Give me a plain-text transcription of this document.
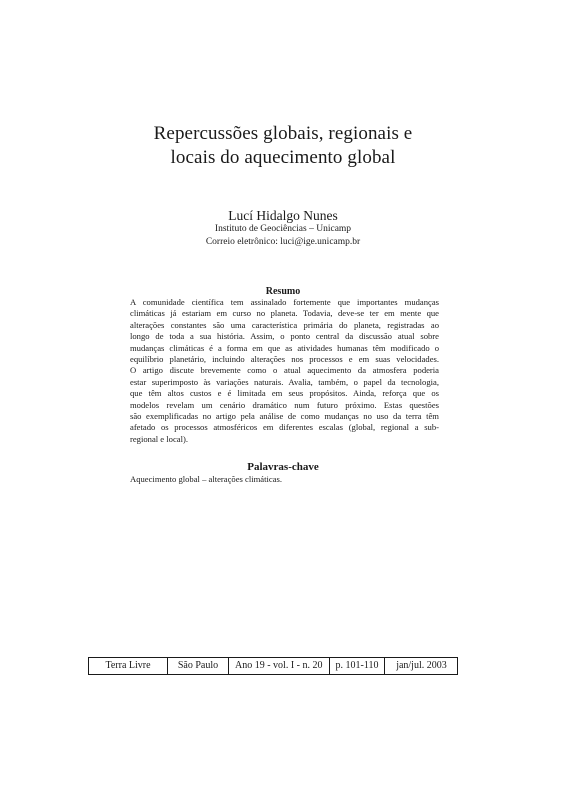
Repercussões globais, regionais e
locais do aquecimento global
Lucí Hidalgo Nunes
Instituto de Geociências – Unicamp
Correio eletrônico: luci@ige.unicamp.br
Resumo
A comunidade científica tem assinalado fortemente que importantes mudanças
climáticas já estariam em curso no planeta. Todavia, deve-se ter em mente que
alterações constantes são uma característica primária do planeta, registradas ao
longo de toda a sua história. Assim, o ponto central da discussão atual sobre
mudanças climáticas é a forma em que as atividades humanas têm modificado o
equilíbrio planetário, incluindo alterações nos processos e em suas velocidades.
O artigo discute brevemente como o atual aquecimento da atmosfera poderia
estar superimposto às variações naturais. Avalia, também, o papel da tecnologia,
que têm altos custos e é limitada em seus propósitos. Ainda, reforça que os
modelos revelam um cenário dramático num futuro próximo. Estas questões
são exemplificadas no artigo pela análise de como mudanças no uso da terra têm
afetado os processos atmosféricos em diferentes escalas (global, regional a sub-
regional e local).
Palavras-chave
Aquecimento global – alterações climáticas.
Terra Livre	São Paulo	Ano 19 - vol. I - n. 20	p. 101-110	jan/jul. 2003
